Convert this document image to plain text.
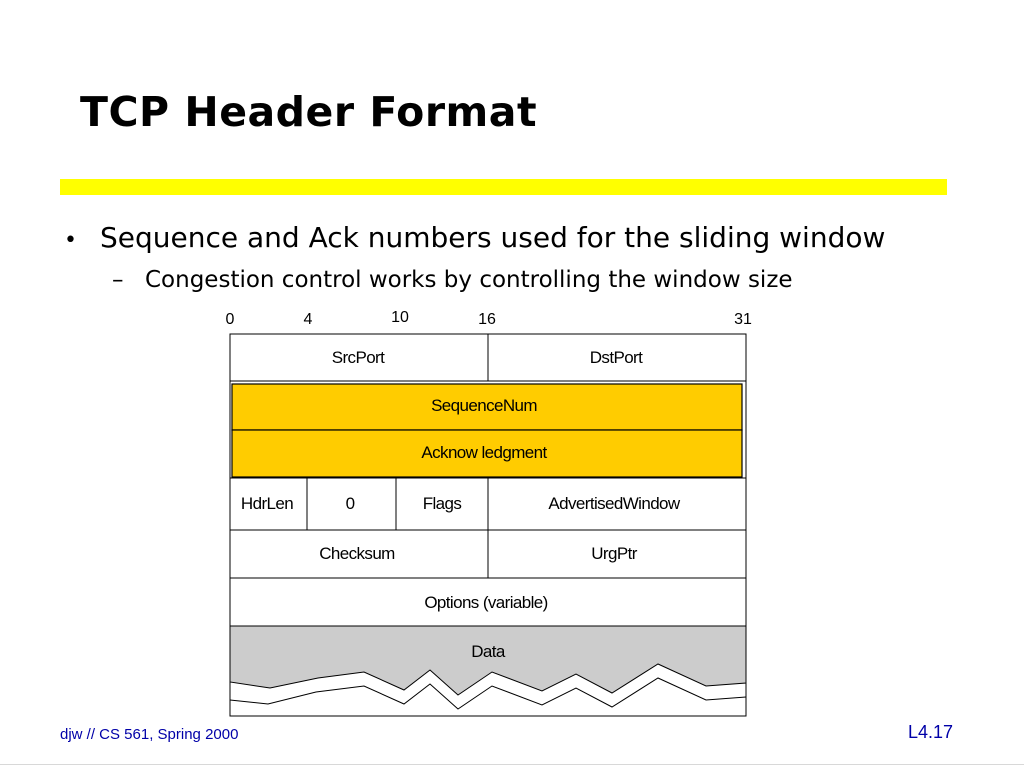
TCP Header Format
• Sequence and Ack numbers used for the sliding window
– Congestion control works by controlling the window size
0	4	10	16	31
SrcPort	DstPort
SequenceNum
Acknow ledgment
HdrLen	0	Flags	AdvertisedWindow
Checksum	UrgPtr
Options (variable)
Data
djw // CS 561, Spring 2000	L4.17
